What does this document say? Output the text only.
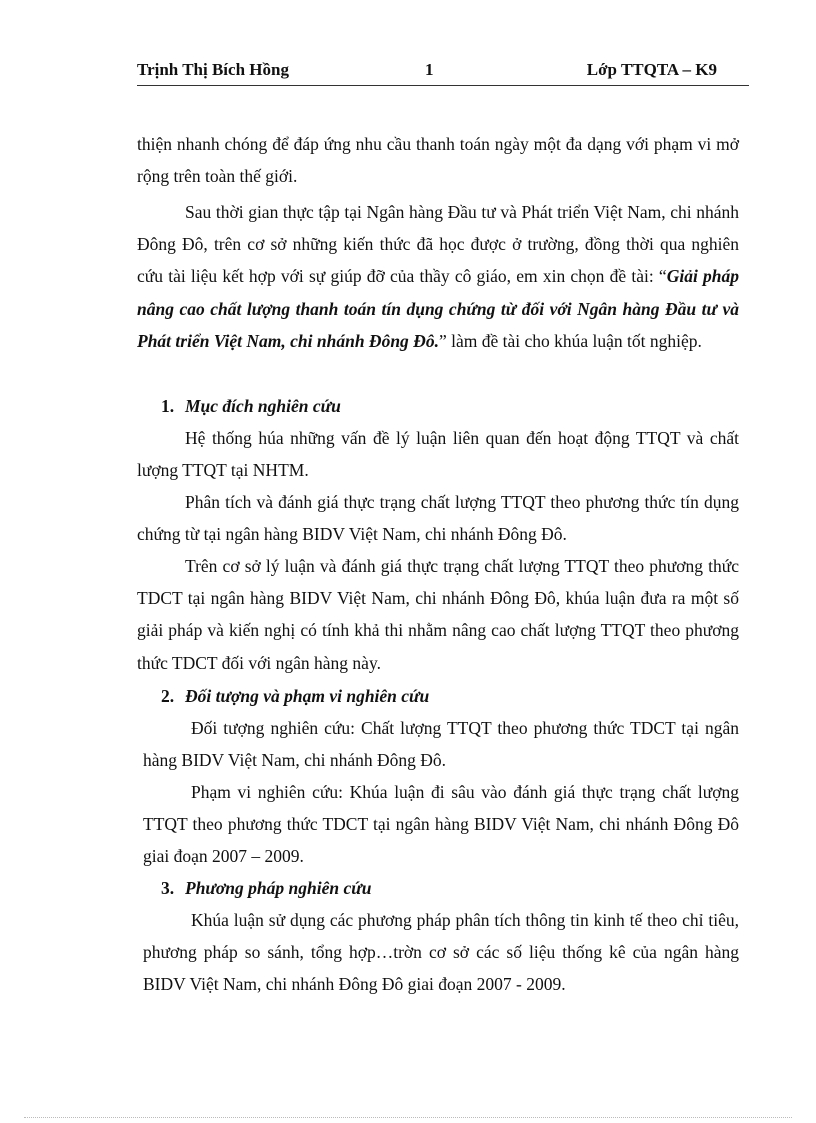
Trịnh Thị Bích Hồng	1	Lớp TTQTA – K9

thiện nhanh chóng để đáp ứng nhu cầu thanh toán ngày một đa dạng với phạm vi mở rộng trên toàn thế giới.

Sau thời gian thực tập tại Ngân hàng Đầu tư và Phát triển Việt Nam, chi nhánh Đông Đô, trên cơ sở những kiến thức đã học được ở trường, đồng thời qua nghiên cứu tài liệu kết hợp với sự giúp đỡ của thầy cô giáo, em xin chọn đề tài: “Giải pháp nâng cao chất lượng thanh toán tín dụng chứng từ đối với Ngân hàng Đầu tư và Phát triển Việt Nam, chi nhánh Đông Đô.” làm đề tài cho khúa luận tốt nghiệp.

1. Mục đích nghiên cứu

Hệ thống húa những vấn đề lý luận liên quan đến hoạt động TTQT và chất lượng TTQT tại NHTM.

Phân tích và đánh giá thực trạng chất lượng TTQT theo phương thức tín dụng chứng từ tại ngân hàng BIDV Việt Nam, chi nhánh Đông Đô.

Trên cơ sở lý luận và đánh giá thực trạng chất lượng TTQT theo phương thức TDCT tại ngân hàng BIDV Việt Nam, chi nhánh Đông Đô, khúa luận đưa ra một số giải pháp và kiến nghị có tính khả thi nhằm nâng cao chất lượng TTQT theo phương thức TDCT đối với ngân hàng này.

2. Đối tượng và phạm vi nghiên cứu

Đối tượng nghiên cứu: Chất lượng TTQT theo phương thức TDCT tại ngân hàng BIDV Việt Nam, chi nhánh Đông Đô.

Phạm vi nghiên cứu: Khúa luận đi sâu vào đánh giá thực trạng chất lượng TTQT theo phương thức TDCT tại ngân hàng BIDV Việt Nam, chi nhánh Đông Đô giai đoạn 2007 – 2009.

3. Phương pháp nghiên cứu

Khúa luận sử dụng các phương pháp phân tích thông tin kinh tế theo chỉ tiêu, phương pháp so sánh, tổng hợp…trờn cơ sở các số liệu thống kê của ngân hàng BIDV Việt Nam, chi nhánh Đông Đô giai đoạn 2007 - 2009.
